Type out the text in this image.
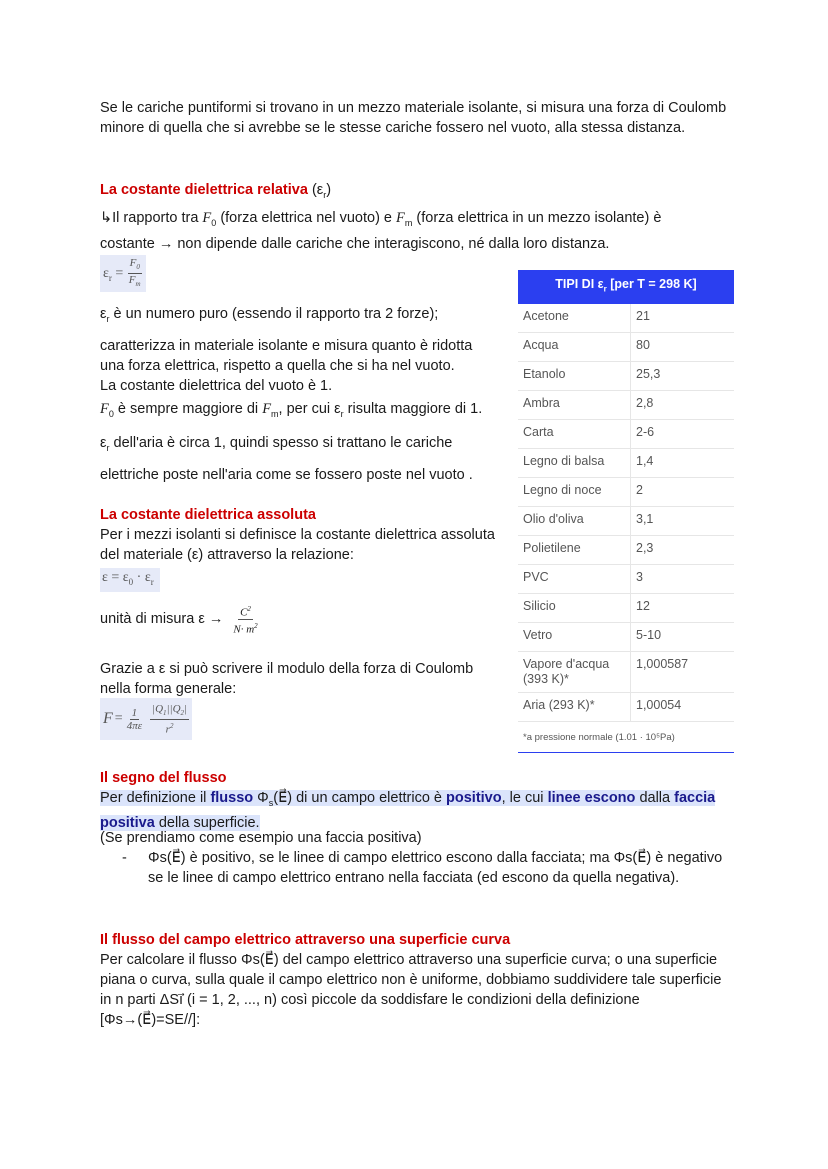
Se le cariche puntiformi si trovano in un mezzo materiale isolante, si misura una forza di Coulomb minore di quella che si avrebbe se le stesse cariche fossero nel vuoto, alla stessa distanza.

La costante dielettrica relativa $(\varepsilon_r)$

↳Il rapporto tra $F_0$ (forza elettrica nel vuoto) e $F_m$ (forza elettrica in un mezzo isolante) è

costante → non dipende dalle cariche che interagiscono, né dalla loro distanza.

$\varepsilon_r = \frac{F_0}{F_m}$

$\varepsilon_r$ è un numero puro (essendo il rapporto tra 2 forze);

caratterizza in materiale isolante e misura quanto è ridotta una forza elettrica, rispetto a quella che si ha nel vuoto.

La costante dielettrica del vuoto è 1.

$F_0$ è sempre maggiore di $F_m$, per cui $\varepsilon_r$ risulta maggiore di 1.

$\varepsilon_r$ dell'aria è circa 1, quindi spesso si trattano le cariche elettriche poste nell'aria come se fossero poste nel vuoto .

La costante dielettrica assoluta

Per i mezzi isolanti si definisce la costante dielettrica assoluta del materiale (ε) attraverso la relazione:

$\varepsilon = \varepsilon_0 \cdot \varepsilon_r$

unità di misura $\varepsilon \to \frac{C^2}{N\cdot m^2}$

Grazie a ε si può scrivere il modulo della forza di Coulomb nella forma generale:

$F = \frac{1}{4\pi\varepsilon} \frac{|Q_1||Q_2|}{r^2}$
TIPI DI $\varepsilon_r$ [per T = 298 K]	
Acetone	21
Acqua	80
Etanolo	25,3
Ambra	2,8
Carta	2-6
Legno di balsa	1,4
Legno di noce	2
Olio d'oliva	3,1
Polietilene	2,3
PVC	3
Silicio	12
Vetro	5-10
Vapore d'acqua (393 K)*	1,000587
Aria (293 K)*	1,00054
*a pressione normale (1.01 · 10⁵Pa)

Il segno del flusso

Per definizione il flusso $\Phi_s(E⃗)$ di un campo elettrico è positivo, le cui linee escono dalla faccia positiva della superficie.

(Se prendiamo come esempio una faccia positiva)

- Φs(E⃗) è positivo, se le linee di campo elettrico escono dalla facciata; ma Φs(E⃗) è negativo se le linee di campo elettrico entrano nella facciata (ed escono da quella negativa).

Il flusso del campo elettrico attraverso una superficie curva

Per calcolare il flusso Φs(E⃗) del campo elettrico attraverso una superficie curva; o una superficie piana o curva, sulla quale il campo elettrico non è uniforme, dobbiamo suddividere tale superficie in n parti ΔSi⃗ (i = 1, 2, ..., n) così piccole da soddisfare le condizioni della definizione [Φs→(E⃗)=SE//]:
